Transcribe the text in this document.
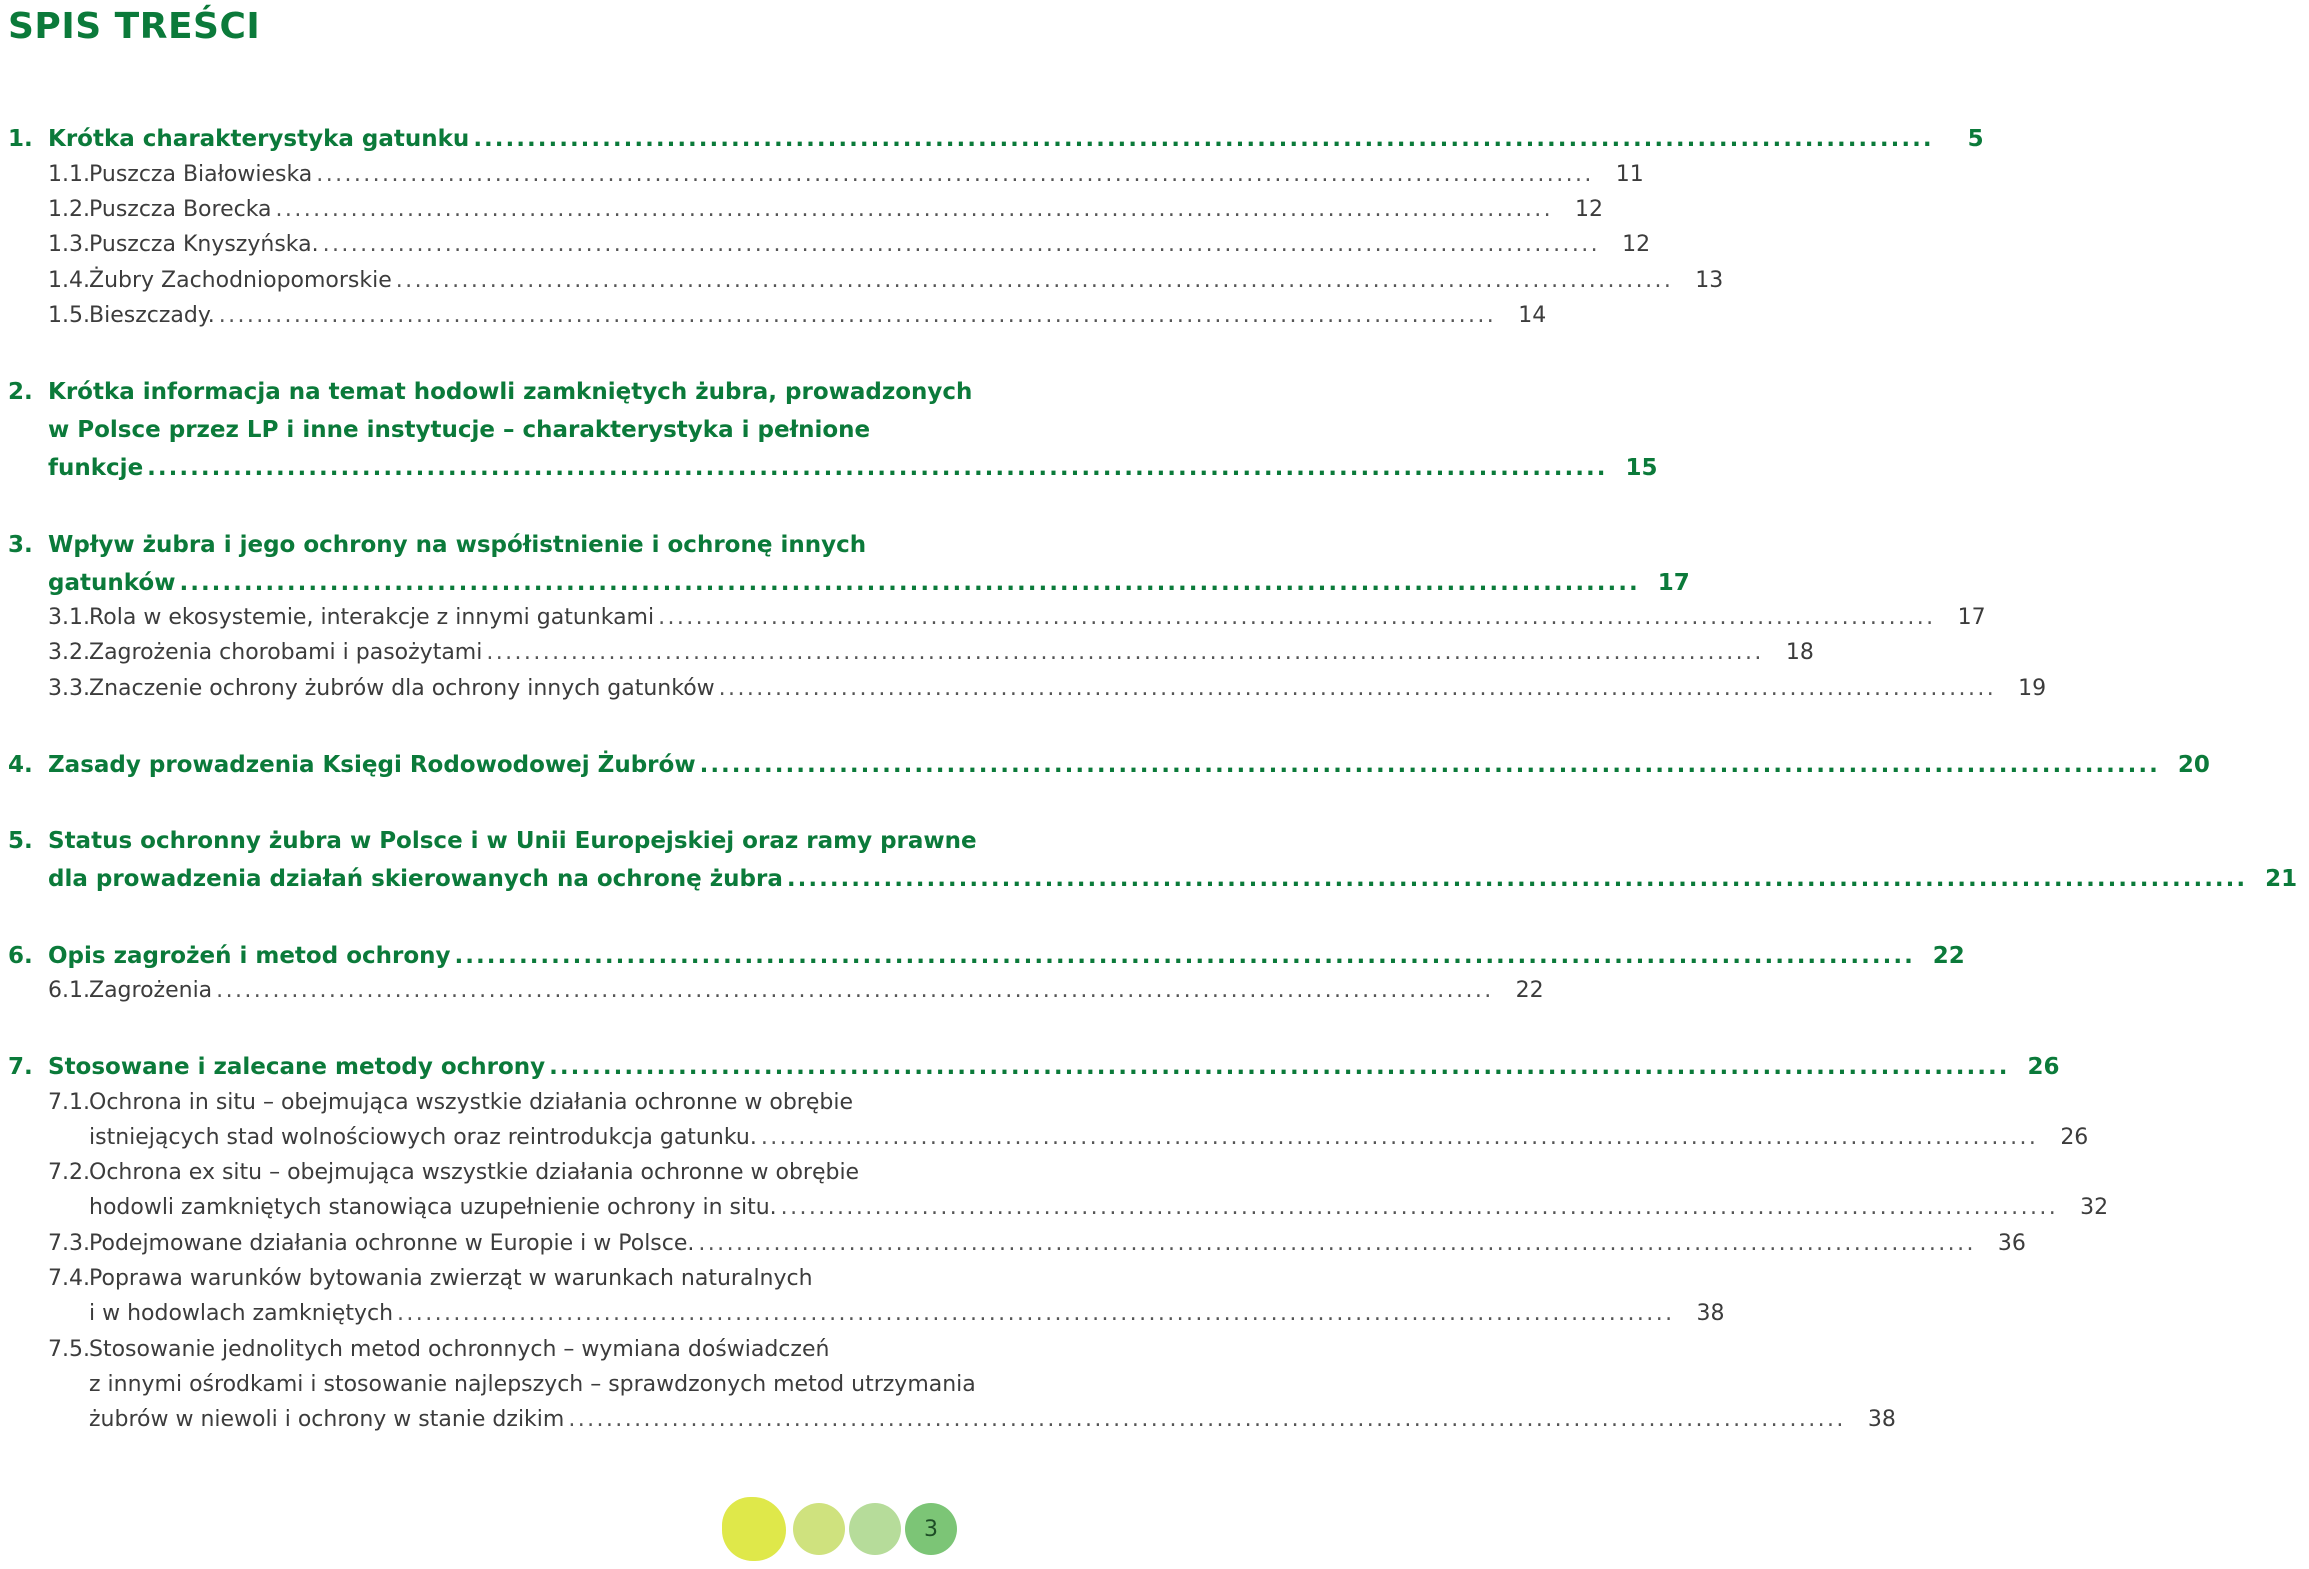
SPIS TREŚCI
1. Krótka charakterystyka gatunku ........................................................................................................................................	5
1.1. Puszcza Białowieska ........................................................................................................................................	11
1.2. Puszcza Borecka ........................................................................................................................................	12
1.3. Puszcza Knyszyńska. ........................................................................................................................................	12
1.4. Żubry Zachodniopomorskie ........................................................................................................................................	13
1.5. Bieszczady. ........................................................................................................................................	14
2. Krótka informacja na temat hodowli zamkniętych żubra, prowadzonych
w Polsce przez LP i inne instytucje – charakterystyka i pełnione
funkcje ........................................................................................................................................ 15
3. Wpływ żubra i jego ochrony na współistnienie i ochronę innych
gatunków ........................................................................................................................................ 17
3.1. Rola w ekosystemie, interakcje z innymi gatunkami ........................................................................................................................................	17
3.2. Zagrożenia chorobami i pasożytami ........................................................................................................................................	18
3.3. Znaczenie ochrony żubrów dla ochrony innych gatunków ........................................................................................................................................	19
4. Zasady prowadzenia Księgi Rodowodowej Żubrów ........................................................................................................................................ 20
5. Status ochronny żubra w Polsce i w Unii Europejskiej oraz ramy prawne
dla prowadzenia działań skierowanych na ochronę żubra ........................................................................................................................................ 21
6. Opis zagrożeń i metod ochrony ........................................................................................................................................ 22
6.1. Zagrożenia ........................................................................................................................................	22
7. Stosowane i zalecane metody ochrony ........................................................................................................................................ 26
7.1. Ochrona in situ – obejmująca wszystkie działania ochronne w obrębie
istniejących stad wolnościowych oraz reintrodukcja gatunku. ........................................................................................................................................	26
7.2. Ochrona ex situ – obejmująca wszystkie działania ochronne w obrębie
hodowli zamkniętych stanowiąca uzupełnienie ochrony in situ. ........................................................................................................................................	32
7.3. Podejmowane działania ochronne w Europie i w Polsce. ........................................................................................................................................	36
7.4. Poprawa warunków bytowania zwierząt w warunkach naturalnych
i w hodowlach zamkniętych ........................................................................................................................................	38
7.5. Stosowanie jednolitych metod ochronnych – wymiana doświadczeń
z innymi ośrodkami i stosowanie najlepszych – sprawdzonych metod utrzymania
żubrów w niewoli i ochrony w stanie dzikim ........................................................................................................................................	38
3
